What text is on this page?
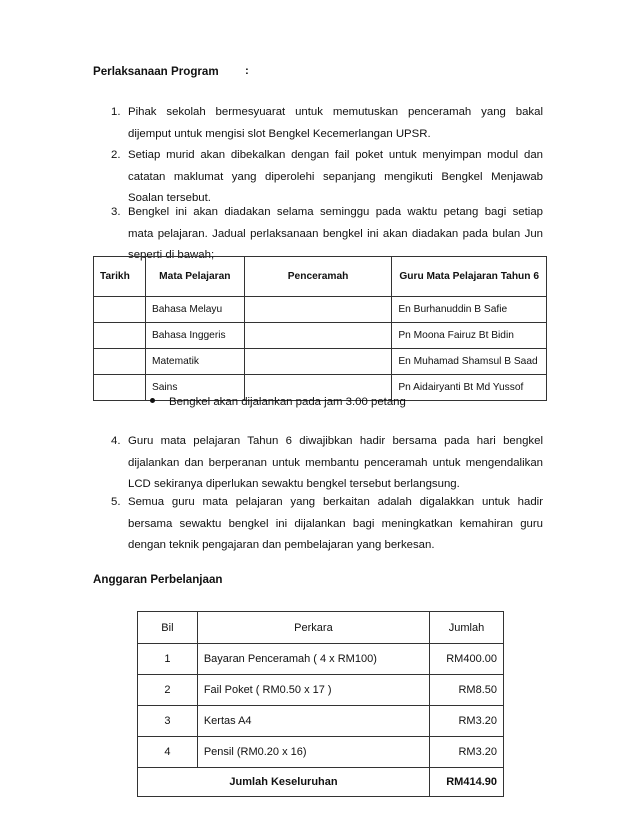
Perlaksanaan Program :
1. Pihak sekolah bermesyuarat untuk memutuskan penceramah yang bakal
dijemput untuk mengisi slot Bengkel Kecemerlangan UPSR.
2. Setiap murid akan dibekalkan dengan fail poket untuk menyimpan modul dan
catatan maklumat yang diperolehi sepanjang mengikuti Bengkel Menjawab
Soalan tersebut.
3. Bengkel ini akan diadakan selama seminggu pada waktu petang bagi setiap
mata pelajaran. Jadual perlaksanaan bengkel ini akan diadakan pada bulan Jun
seperti di bawah;
Tarikh	Mata Pelajaran	Penceramah	Guru Mata Pelajaran Tahun 6
	Bahasa Melayu		En Burhanuddin B Safie
	Bahasa Inggeris		Pn Moona Fairuz Bt Bidin
	Matematik		En Muhamad Shamsul B Saad
	Sains		Pn Aidairyanti Bt Md Yussof
Bengkel akan dijalankan pada jam 3.00 petang
4. Guru mata pelajaran Tahun 6 diwajibkan hadir bersama pada hari bengkel
dijalankan dan berperanan untuk membantu penceramah untuk mengendalikan
LCD sekiranya diperlukan sewaktu bengkel tersebut berlangsung.
5. Semua guru mata pelajaran yang berkaitan adalah digalakkan untuk hadir
bersama sewaktu bengkel ini dijalankan bagi meningkatkan kemahiran guru
dengan teknik pengajaran dan pembelajaran yang berkesan.
Anggaran Perbelanjaan
Bil	Perkara	Jumlah
1	Bayaran Penceramah ( 4 x RM100)	RM400.00
2	Fail Poket ( RM0.50 x 17 )	RM8.50
3	Kertas A4	RM3.20
4	Pensil (RM0.20 x 16)	RM3.20
Jumlah Keseluruhan		RM414.90
